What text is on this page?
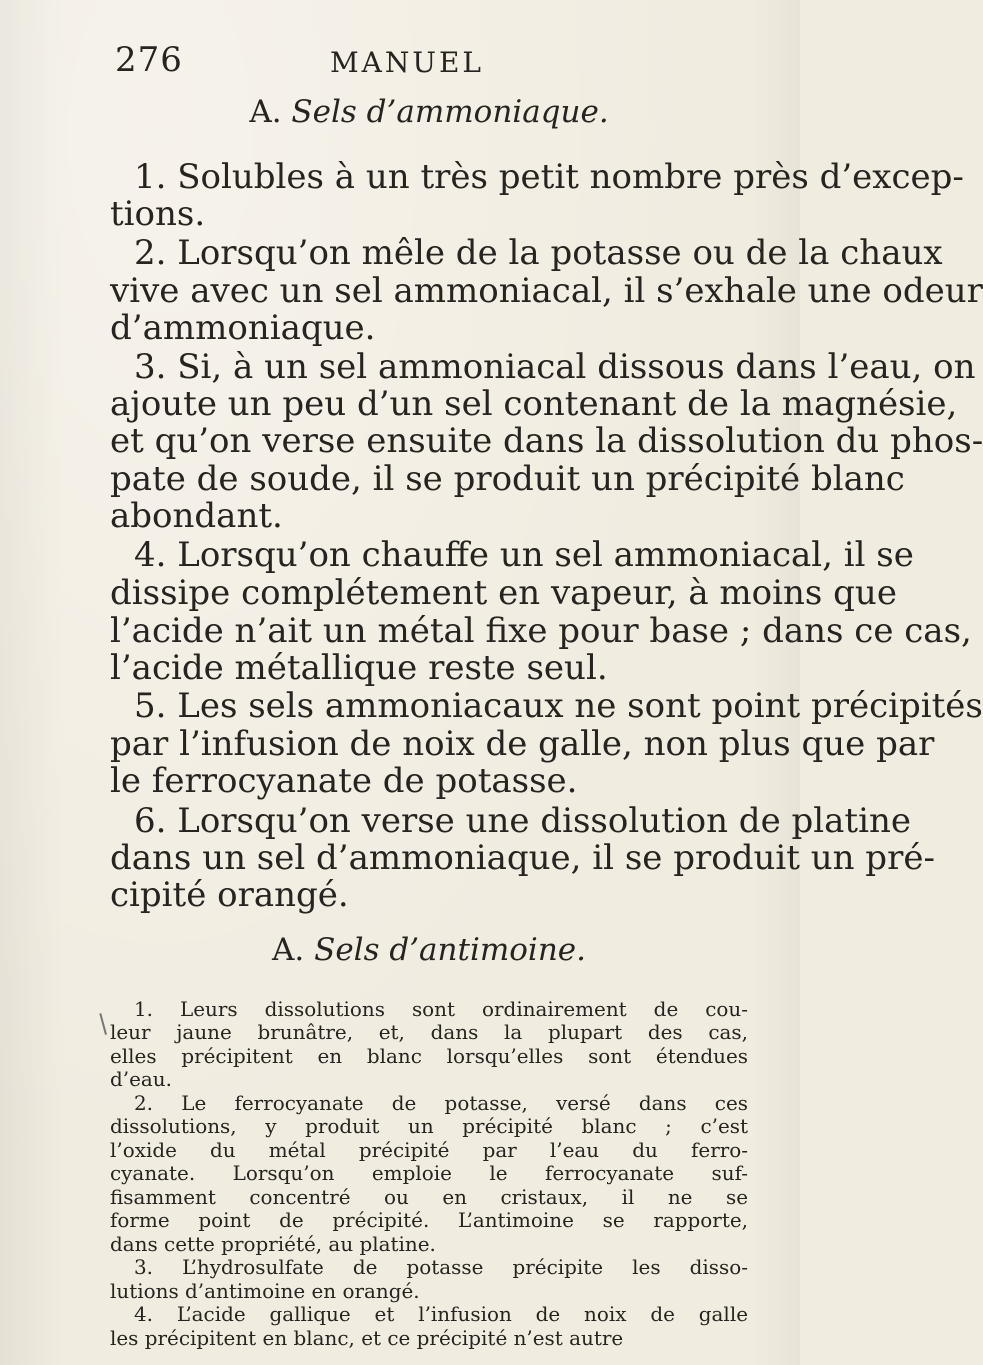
276	MANUEL
A. Sels d’ammoniaque.
1. Solubles à un très petit nombre près d’excep-
tions.
2. Lorsqu’on mêle de la potasse ou de la chaux
vive avec un sel ammoniacal, il s’exhale une odeur
d’ammoniaque.
3. Si, à un sel ammoniacal dissous dans l’eau, on
ajoute un peu d’un sel contenant de la magnésie,
et qu’on verse ensuite dans la dissolution du phos-
pate de soude, il se produit un précipité blanc
abondant.
4. Lorsqu’on chauffe un sel ammoniacal, il se
dissipe complétement en vapeur, à moins que
l’acide n’ait un métal fixe pour base ; dans ce cas,
l’acide métallique reste seul.
5. Les sels ammoniacaux ne sont point précipités
par l’infusion de noix de galle, non plus que par
le ferrocyanate de potasse.
6. Lorsqu’on verse une dissolution de platine
dans un sel d’ammoniaque, il se produit un pré-
cipité orangé.
A. Sels d’antimoine.
1. Leurs dissolutions sont ordinairement de cou-
leur jaune brunâtre, et, dans la plupart des cas,
elles précipitent en blanc lorsqu’elles sont étendues
d’eau.
2. Le ferrocyanate de potasse, versé dans ces
dissolutions, y produit un précipité blanc ; c’est
l’oxide du métal précipité par l’eau du ferro-
cyanate. Lorsqu’on emploie le ferrocyanate suf-
fisamment concentré ou en cristaux, il ne se
forme point de précipité. L’antimoine se rapporte,
dans cette propriété, au platine.
3. L’hydrosulfate de potasse précipite les disso-
lutions d’antimoine en orangé.
4. L’acide gallique et l’infusion de noix de galle
les précipitent en blanc, et ce précipité n’est autre
